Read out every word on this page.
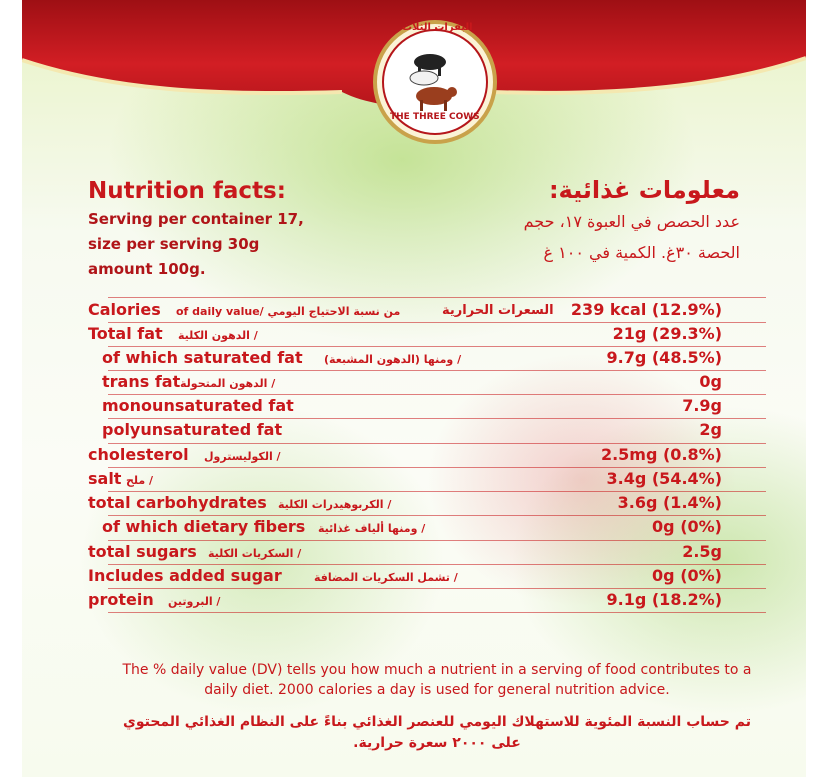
البقرات الثلاث
THE THREE COWS
Nutrition facts:
Serving per container 17,
size per serving 30g
amount 100g.
معلومات غذائية:
عدد الحصص في العبوة ١٧، حجم
الحصة ٣٠غ. الكمية في ١٠٠ غ
Calories of daily value/ من نسبة الاحتياج اليومي	السعرات الحرارية 239 kcal (12.9%)
Total fat / الدهون الكلية	21g (29.3%)
of which saturated fat / ومنها (الدهون المشبعة)	9.7g (48.5%)
trans fat / الدهون المتحولة	0g
monounsaturated fat	7.9g
polyunsaturated fat	2g
cholesterol / الكوليسترول	2.5mg (0.8%)
salt / ملح	3.4g (54.4%)
total carbohydrates / الكربوهيدرات الكلية	3.6g (1.4%)
of which dietary fibers / ومنها ألياف غذائية	0g (0%)
total sugars / السكريات الكلية	2.5g
Includes added sugar	/ تشمل السكريات المضافة	0g (0%)
protein / البروتين	9.1g (18.2%)
The % daily value (DV) tells you how much a nutrient in a serving of food contributes to a daily diet. 2000 calories a day is used for general nutrition advice.
تم حساب النسبة المئوية للاستهلاك اليومي للعنصر الغذائي بناءً على النظام الغذائي المحتوي على ٢٠٠٠ سعرة حرارية.
